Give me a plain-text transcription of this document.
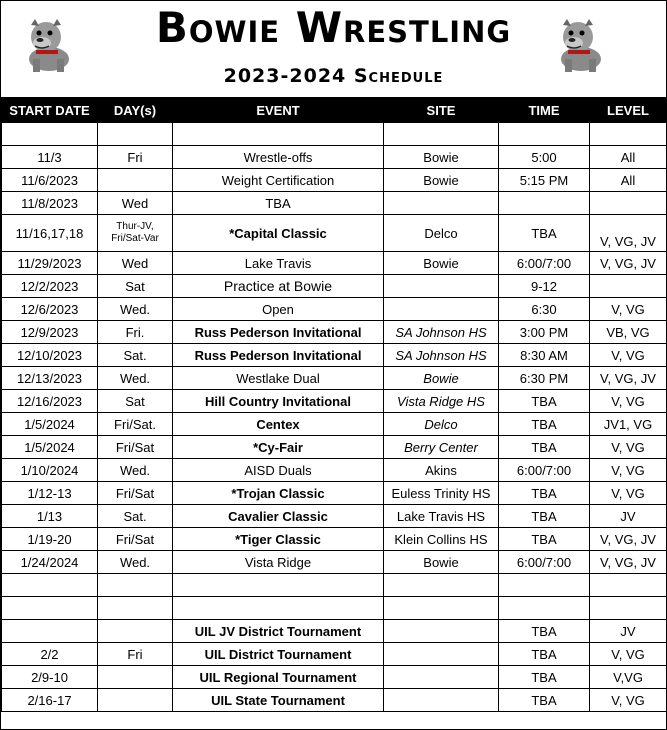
Bowie Wrestling
2023-2024 Schedule
START DATE	DAY(s)	EVENT	SITE	TIME	LEVEL

11/3	Fri	Wrestle-offs	Bowie	5:00	All
11/6/2023		Weight Certification	Bowie	5:15 PM	All
11/8/2023	Wed	TBA			
11/16,17,18	Thur-JV, Fri/Sat-Var	*Capital Classic	Delco	TBA	V, VG, JV
11/29/2023	Wed	Lake Travis	Bowie	6:00/7:00	V, VG, JV
12/2/2023	Sat	Practice at Bowie		9-12	
12/6/2023	Wed.	Open		6:30	V, VG
12/9/2023	Fri.	Russ Pederson Invitational	SA Johnson HS	3:00 PM	VB, VG
12/10/2023	Sat.	Russ Pederson Invitational	SA Johnson HS	8:30 AM	V, VG
12/13/2023	Wed.	Westlake Dual	Bowie	6:30 PM	V, VG, JV
12/16/2023	Sat	Hill Country Invitational	Vista Ridge HS	TBA	V, VG
1/5/2024	Fri/Sat.	Centex	Delco	TBA	JV1, VG
1/5/2024	Fri/Sat	*Cy-Fair	Berry Center	TBA	V, VG
1/10/2024	Wed.	AISD Duals	Akins	6:00/7:00	V, VG
1/12-13	Fri/Sat	*Trojan Classic	Euless Trinity HS	TBA	V, VG
1/13	Sat.	Cavalier Classic	Lake Travis HS	TBA	JV
1/19-20	Fri/Sat	*Tiger Classic	Klein Collins HS	TBA	V, VG, JV
1/24/2024	Wed.	Vista Ridge	Bowie	6:00/7:00	V, VG, JV

		UIL JV District Tournament		TBA	JV
2/2	Fri	UIL District Tournament		TBA	V, VG
2/9-10		UIL Regional Tournament		TBA	V,VG
2/16-17		UIL State Tournament		TBA	V, VG
